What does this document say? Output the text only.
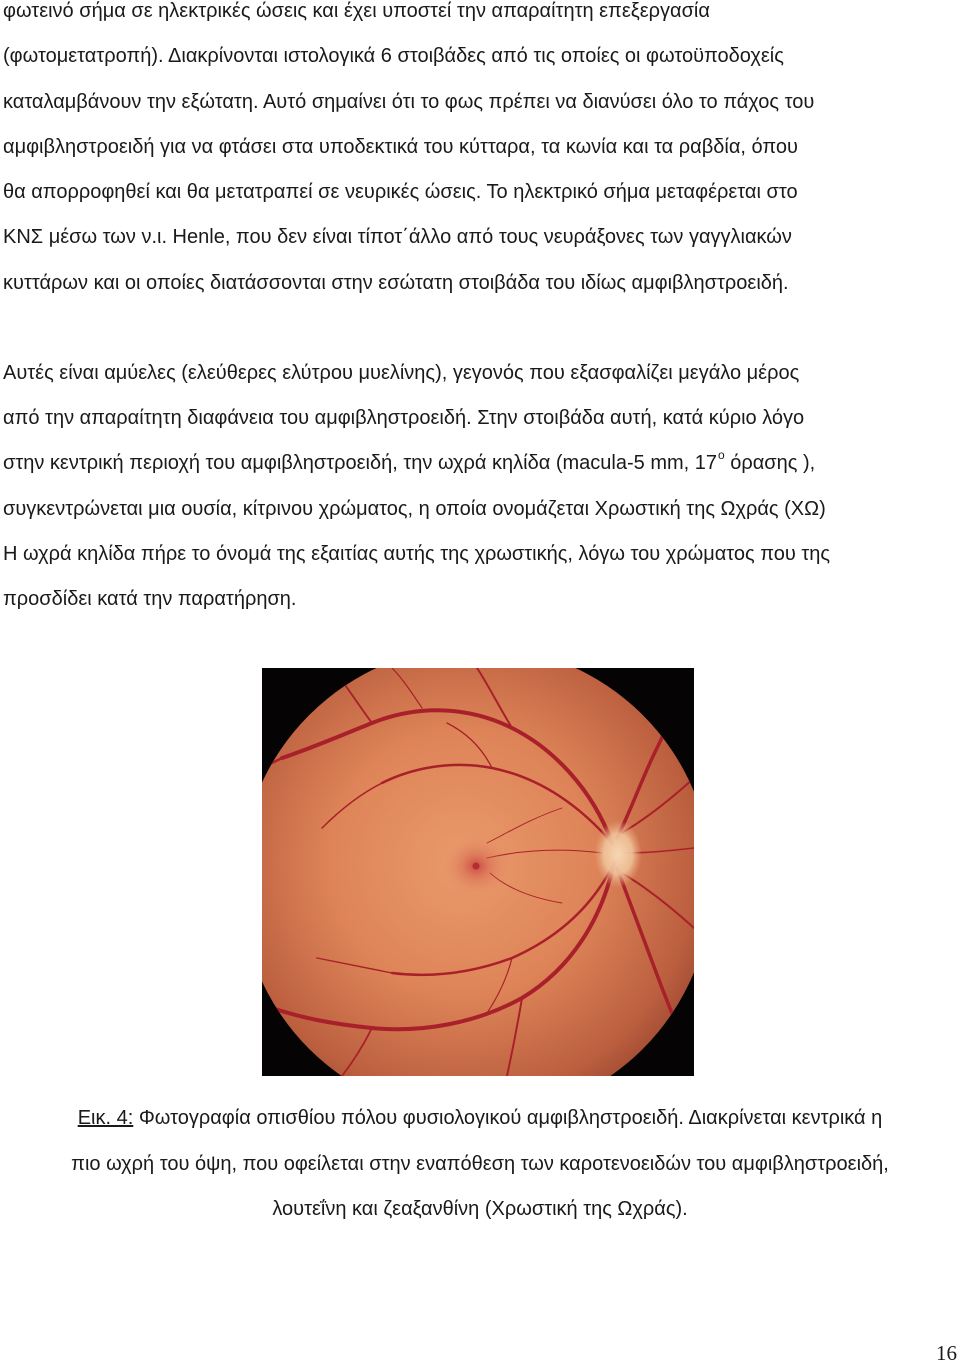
φωτεινό σήμα σε ηλεκτρικές ώσεις και έχει υποστεί την απαραίτητη επεξεργασία
(φωτομετατροπή). Διακρίνονται ιστολογικά 6 στοιβάδες από τις οποίες οι φωτοϋποδοχείς
καταλαμβάνουν την εξώτατη. Αυτό σημαίνει ότι το φως πρέπει να διανύσει όλο το πάχος του
αμφιβληστροειδή για να φτάσει στα υποδεκτικά του κύτταρα, τα κωνία και τα ραβδία, όπου
θα απορροφηθεί και θα μετατραπεί σε νευρικές ώσεις. Το ηλεκτρικό σήμα μεταφέρεται στο
ΚΝΣ μέσω των ν.ι. Henle, που δεν είναι τίποτ΄άλλο από τους νευράξονες των γαγγλιακών
κυττάρων και οι οποίες διατάσσονται στην εσώτατη στοιβάδα του ιδίως αμφιβληστροειδή.
Αυτές είναι αμύελες (ελεύθερες ελύτρου μυελίνης), γεγονός που εξασφαλίζει μεγάλο μέρος
από την απαραίτητη διαφάνεια του αμφιβληστροειδή. Στην στοιβάδα αυτή, κατά κύριο λόγο
στην κεντρική περιοχή του αμφιβληστροειδή, την ωχρά κηλίδα (macula-5 mm, $17^o$ όρασης ),
συγκεντρώνεται μια ουσία, κίτρινου χρώματος, η οποία ονομάζεται Χρωστική της Ωχράς (ΧΩ)
Η ωχρά κηλίδα πήρε το όνομά της εξαιτίας αυτής της χρωστικής, λόγω του χρώματος που της
προσδίδει κατά την παρατήρηση.
Εικ. 4: Φωτογραφία οπισθίου πόλου φυσιολογικού αμφιβληστροειδή. Διακρίνεται κεντρικά η
πιο ωχρή του όψη, που οφείλεται στην εναπόθεση των καροτενοειδών του αμφιβληστροειδή,
λουτεΐνη και ζεαξανθίνη (Χρωστική της Ωχράς).
16
